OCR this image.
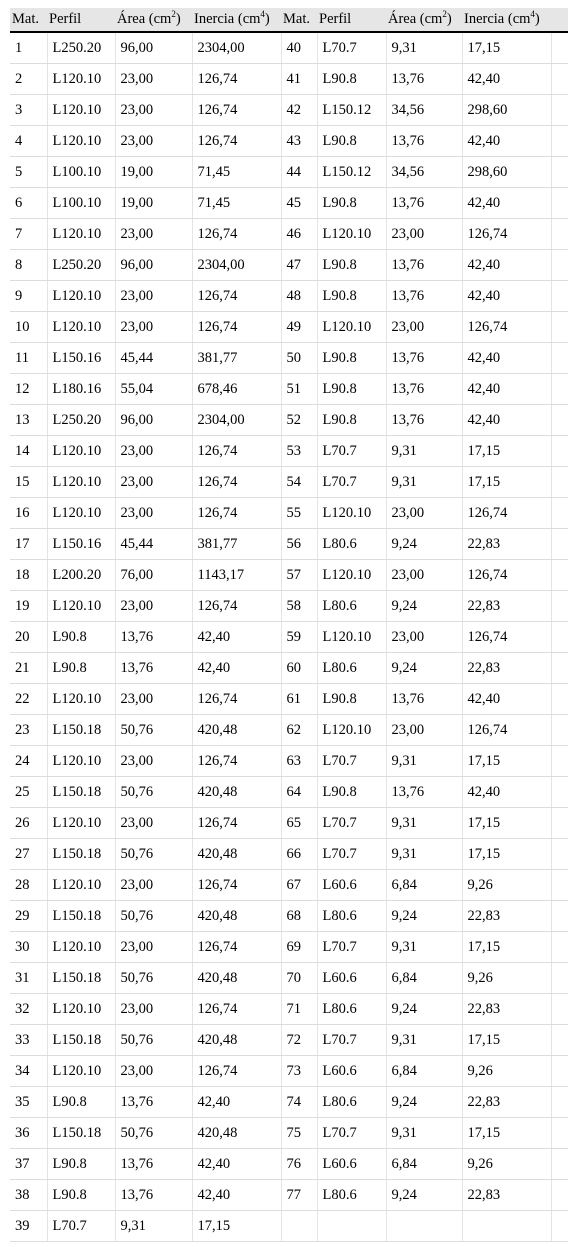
Mat.	Perfil	Área $(cm^2)$	Inercia $(cm^4)$	Mat.	Perfil	Área $(cm^2)$	Inercia $(cm^4)$	
1	L250.20	96,00	2304,00	40	L70.7	9,31	17,15	
2	L120.10	23,00	126,74	41	L90.8	13,76	42,40	
3	L120.10	23,00	126,74	42	L150.12	34,56	298,60	
4	L120.10	23,00	126,74	43	L90.8	13,76	42,40	
5	L100.10	19,00	71,45	44	L150.12	34,56	298,60	
6	L100.10	19,00	71,45	45	L90.8	13,76	42,40	
7	L120.10	23,00	126,74	46	L120.10	23,00	126,74	
8	L250.20	96,00	2304,00	47	L90.8	13,76	42,40	
9	L120.10	23,00	126,74	48	L90.8	13,76	42,40	
10	L120.10	23,00	126,74	49	L120.10	23,00	126,74	
11	L150.16	45,44	381,77	50	L90.8	13,76	42,40	
12	L180.16	55,04	678,46	51	L90.8	13,76	42,40	
13	L250.20	96,00	2304,00	52	L90.8	13,76	42,40	
14	L120.10	23,00	126,74	53	L70.7	9,31	17,15	
15	L120.10	23,00	126,74	54	L70.7	9,31	17,15	
16	L120.10	23,00	126,74	55	L120.10	23,00	126,74	
17	L150.16	45,44	381,77	56	L80.6	9,24	22,83	
18	L200.20	76,00	1143,17	57	L120.10	23,00	126,74	
19	L120.10	23,00	126,74	58	L80.6	9,24	22,83	
20	L90.8	13,76	42,40	59	L120.10	23,00	126,74	
21	L90.8	13,76	42,40	60	L80.6	9,24	22,83	
22	L120.10	23,00	126,74	61	L90.8	13,76	42,40	
23	L150.18	50,76	420,48	62	L120.10	23,00	126,74	
24	L120.10	23,00	126,74	63	L70.7	9,31	17,15	
25	L150.18	50,76	420,48	64	L90.8	13,76	42,40	
26	L120.10	23,00	126,74	65	L70.7	9,31	17,15	
27	L150.18	50,76	420,48	66	L70.7	9,31	17,15	
28	L120.10	23,00	126,74	67	L60.6	6,84	9,26	
29	L150.18	50,76	420,48	68	L80.6	9,24	22,83	
30	L120.10	23,00	126,74	69	L70.7	9,31	17,15	
31	L150.18	50,76	420,48	70	L60.6	6,84	9,26	
32	L120.10	23,00	126,74	71	L80.6	9,24	22,83	
33	L150.18	50,76	420,48	72	L70.7	9,31	17,15	
34	L120.10	23,00	126,74	73	L60.6	6,84	9,26	
35	L90.8	13,76	42,40	74	L80.6	9,24	22,83	
36	L150.18	50,76	420,48	75	L70.7	9,31	17,15	
37	L90.8	13,76	42,40	76	L60.6	6,84	9,26	
38	L90.8	13,76	42,40	77	L80.6	9,24	22,83	
39	L70.7	9,31	17,15					
